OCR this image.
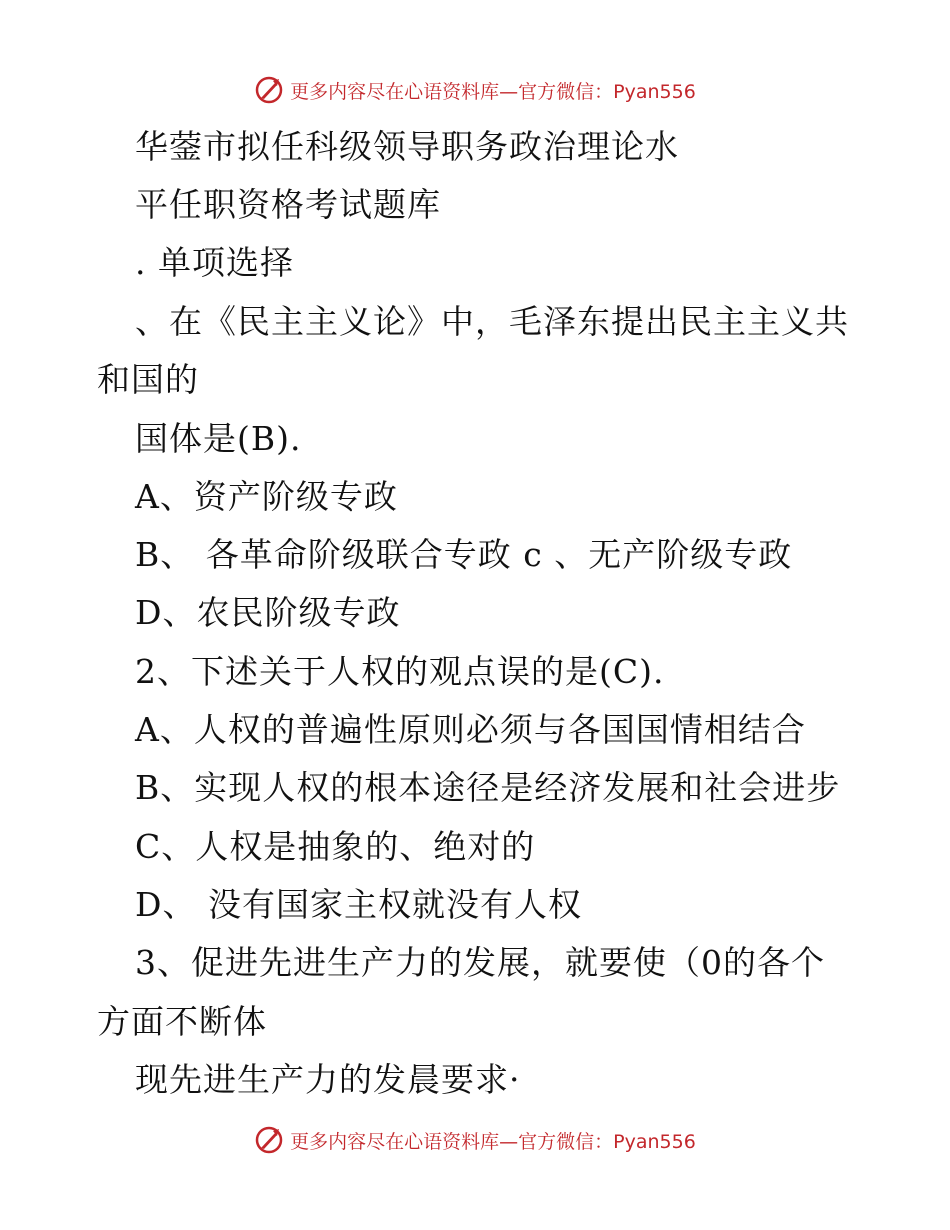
更多内容尽在心语资料库—官方微信：Pyan556
华蓥市拟任科级领导职务政治理论水
平任职资格考试题库
. 单项选择
、在《民主主义论》中，毛泽东提出民主主义共
和国的
国体是(B).
A、资产阶级专政
B、 各革命阶级联合专政 c 、无产阶级专政
D、农民阶级专政
2、下述关于人权的观点误的是(C).
A、人权的普遍性原则必须与各国国情相结合
B、实现人权的根本途径是经济发展和社会进步
C、人权是抽象的、绝对的
D、 没有国家主权就没有人权
3、促进先进生产力的发展，就要使（0的各个
方面不断体
现先进生产力的发晨要求·
更多内容尽在心语资料库—官方微信：Pyan556
